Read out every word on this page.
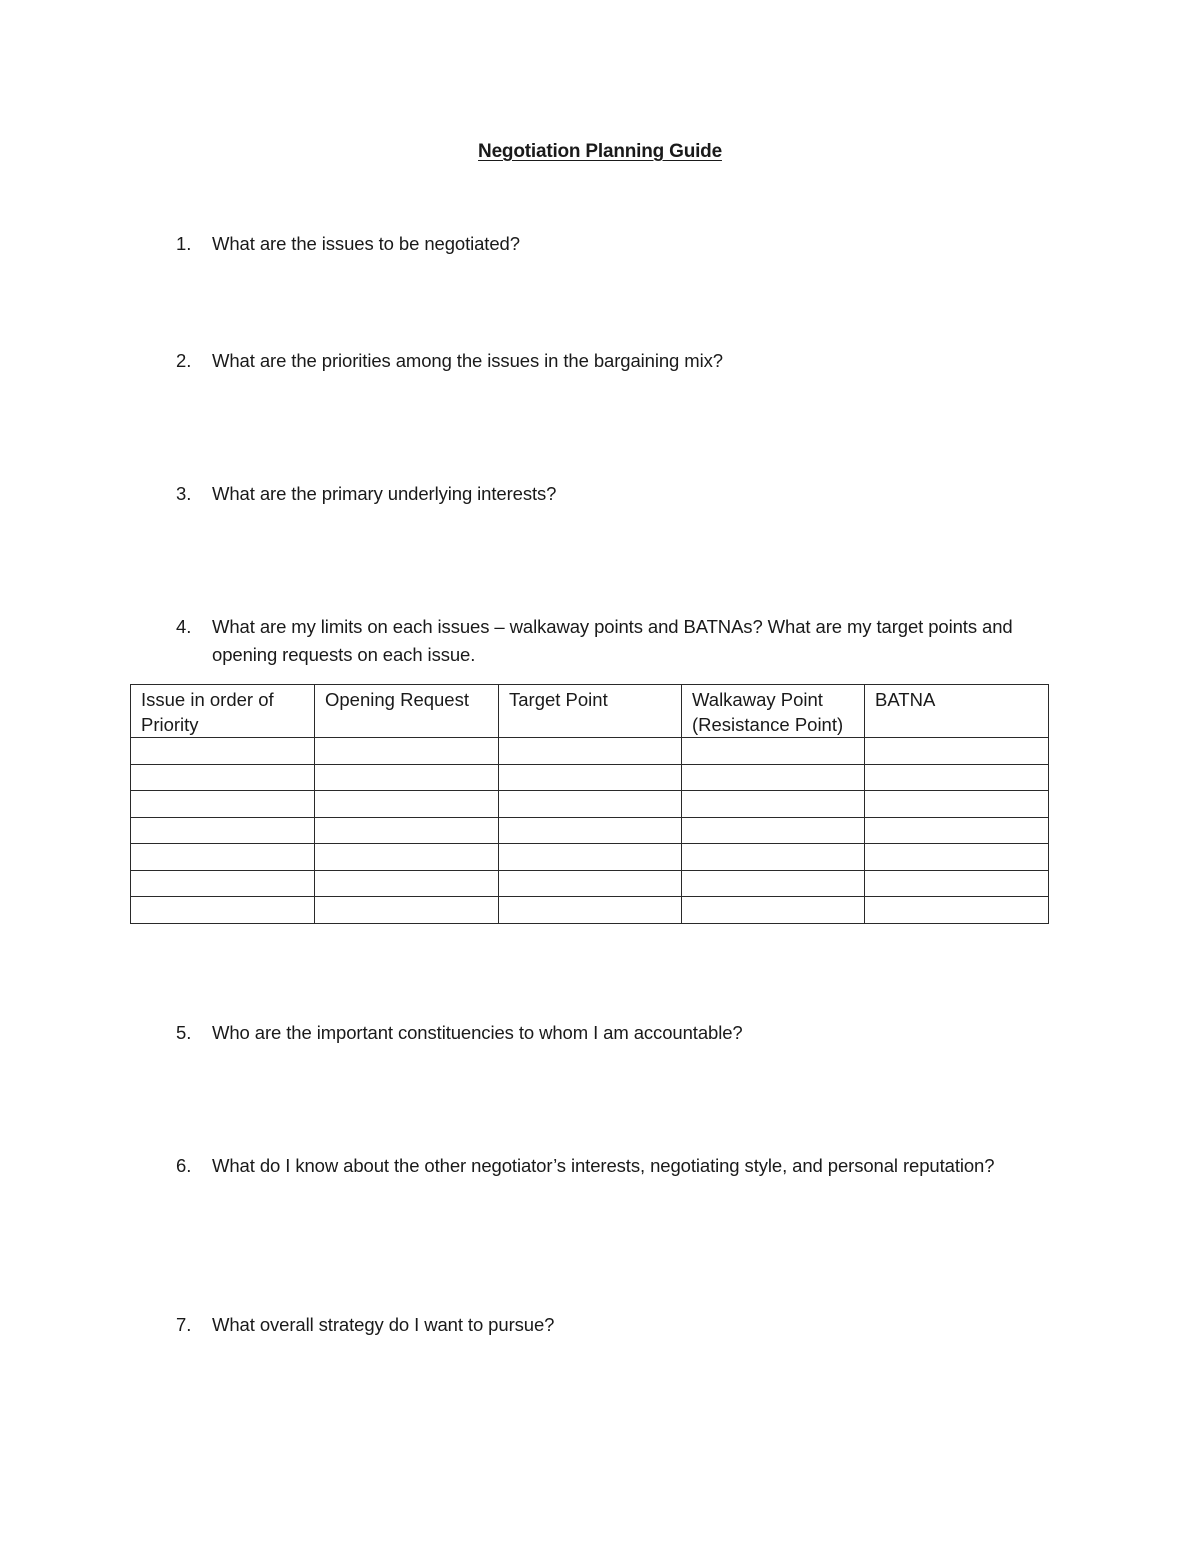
Negotiation Planning Guide
1. What are the issues to be negotiated?
2. What are the priorities among the issues in the bargaining mix?
3. What are the primary underlying interests?
4. What are my limits on each issues – walkaway points and BATNAs? What are my target points and opening requests on each issue.
Issue in order of Priority	Opening Request	Target Point	Walkaway Point (Resistance Point)	BATNA

5. Who are the important constituencies to whom I am accountable?
6. What do I know about the other negotiator’s interests, negotiating style, and personal reputation?
7. What overall strategy do I want to pursue?
